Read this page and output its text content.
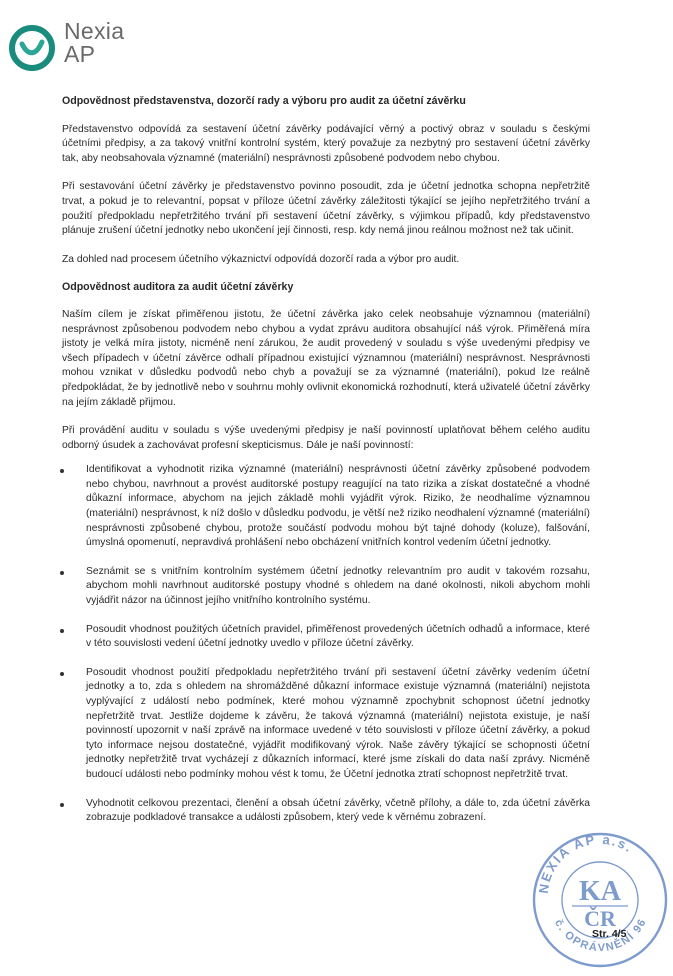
Nexia
AP
Odpovědnost představenstva, dozorčí rady a výboru pro audit za účetní závěrku

Představenstvo odpovídá za sestavení účetní závěrky podávající věrný a poctivý obraz v souladu s českými účetními předpisy, a za takový vnitřní kontrolní systém, který považuje za nezbytný pro sestavení účetní závěrky tak, aby neobsahovala významné (materiální) nesprávnosti způsobené podvodem nebo chybou.

Při sestavování účetní závěrky je představenstvo povinno posoudit, zda je účetní jednotka schopna nepřetržitě trvat, a pokud je to relevantní, popsat v příloze účetní závěrky záležitosti týkající se jejího nepřetržitého trvání a použití předpokladu nepřetržitého trvání při sestavení účetní závěrky, s výjimkou případů, kdy představenstvo plánuje zrušení účetní jednotky nebo ukončení její činnosti, resp. kdy nemá jinou reálnou možnost než tak učinit.

Za dohled nad procesem účetního výkaznictví odpovídá dozorčí rada a výbor pro audit.

Odpovědnost auditora za audit účetní závěrky

Naším cílem je získat přiměřenou jistotu, že účetní závěrka jako celek neobsahuje významnou (materiální) nesprávnost způsobenou podvodem nebo chybou a vydat zprávu auditora obsahující náš výrok. Přiměřená míra jistoty je velká míra jistoty, nicméně není zárukou, že audit provedený v souladu s výše uvedenými předpisy ve všech případech v účetní závěrce odhalí případnou existující významnou (materiální) nesprávnost. Nesprávnosti mohou vznikat v důsledku podvodů nebo chyb a považují se za významné (materiální), pokud lze reálně předpokládat, že by jednotlivě nebo v souhrnu mohly ovlivnit ekonomická rozhodnutí, která uživatelé účetní závěrky na jejím základě přijmou.

Při provádění auditu v souladu s výše uvedenými předpisy je naší povinností uplatňovat během celého auditu odborný úsudek a zachovávat profesní skepticismus. Dále je naší povinností:

Identifikovat a vyhodnotit rizika významné (materiální) nesprávnosti účetní závěrky způsobené podvodem nebo chybou, navrhnout a provést auditorské postupy reagující na tato rizika a získat dostatečné a vhodné důkazní informace, abychom na jejich základě mohli vyjádřit výrok. Riziko, že neodhalíme významnou (materiální) nesprávnost, k níž došlo v důsledku podvodu, je větší než riziko neodhalení významné (materiální) nesprávnosti způsobené chybou, protože součástí podvodu mohou být tajné dohody (koluze), falšování, úmyslná opomenutí, nepravdivá prohlášení nebo obcházení vnitřních kontrol vedením účetní jednotky.
Seznámit se s vnitřním kontrolním systémem účetní jednotky relevantním pro audit v takovém rozsahu, abychom mohli navrhnout auditorské postupy vhodné s ohledem na dané okolnosti, nikoli abychom mohli vyjádřit názor na účinnost jejího vnitřního kontrolního systému.
Posoudit vhodnost použitých účetních pravidel, přiměřenost provedených účetních odhadů a informace, které v této souvislosti vedení účetní jednotky uvedlo v příloze účetní závěrky.
Posoudit vhodnost použití předpokladu nepřetržitého trvání při sestavení účetní závěrky vedením účetní jednotky a to, zda s ohledem na shromážděné důkazní informace existuje významná (materiální) nejistota vyplývající z událostí nebo podmínek, které mohou významně zpochybnit schopnost účetní jednotky nepřetržitě trvat. Jestliže dojdeme k závěru, že taková významná (materiální) nejistota existuje, je naší povinností upozornit v naší zprávě na informace uvedené v této souvislosti v příloze účetní závěrky, a pokud tyto informace nejsou dostatečné, vyjádřit modifikovaný výrok. Naše závěry týkající se schopnosti účetní jednotky nepřetržitě trvat vycházejí z důkazních informací, které jsme získali do data naší zprávy. Nicméně budoucí události nebo podmínky mohou vést k tomu, že Účetní jednotka ztratí schopnost nepřetržitě trvat.
Vyhodnotit celkovou prezentaci, členění a obsah účetní závěrky, včetně přílohy, a dále to, zda účetní závěrka zobrazuje podkladové transakce a události způsobem, který vede k věrnému zobrazení.
NEXIA AP a.s.
č. OPRÁVNĚNÍ 96
KA
ČR
Str. 4/5
